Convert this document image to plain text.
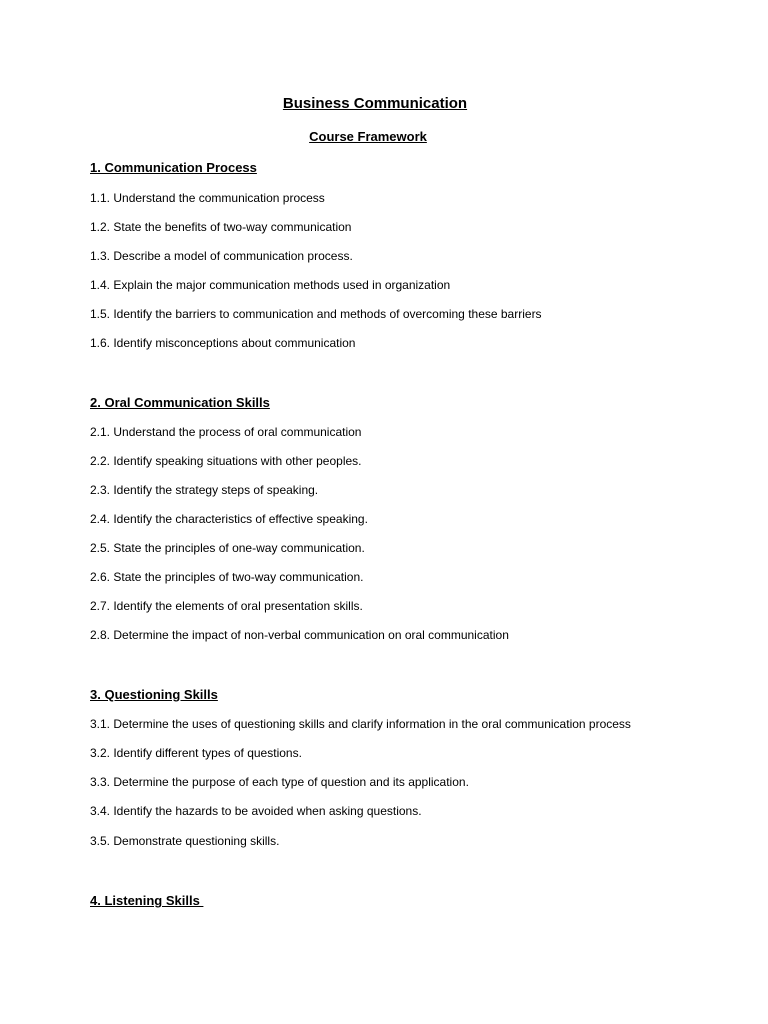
Business Communication
Course Framework
1. Communication Process
1.1. Understand the communication process
1.2. State the benefits of two-way communication
1.3. Describe a model of communication process.
1.4. Explain the major communication methods used in organization
1.5. Identify the barriers to communication and methods of overcoming these barriers
1.6. Identify misconceptions about communication
2. Oral Communication Skills
2.1. Understand the process of oral communication
2.2. Identify speaking situations with other peoples.
2.3. Identify the strategy steps of speaking.
2.4. Identify the characteristics of effective speaking.
2.5. State the principles of one-way communication.
2.6. State the principles of two-way communication.
2.7. Identify the elements of oral presentation skills.
2.8. Determine the impact of non-verbal communication on oral communication
3. Questioning Skills
3.1. Determine the uses of questioning skills and clarify information in the oral communication process
3.2. Identify different types of questions.
3.3. Determine the purpose of each type of question and its application.
3.4. Identify the hazards to be avoided when asking questions.
3.5. Demonstrate questioning skills.
4. Listening Skills
